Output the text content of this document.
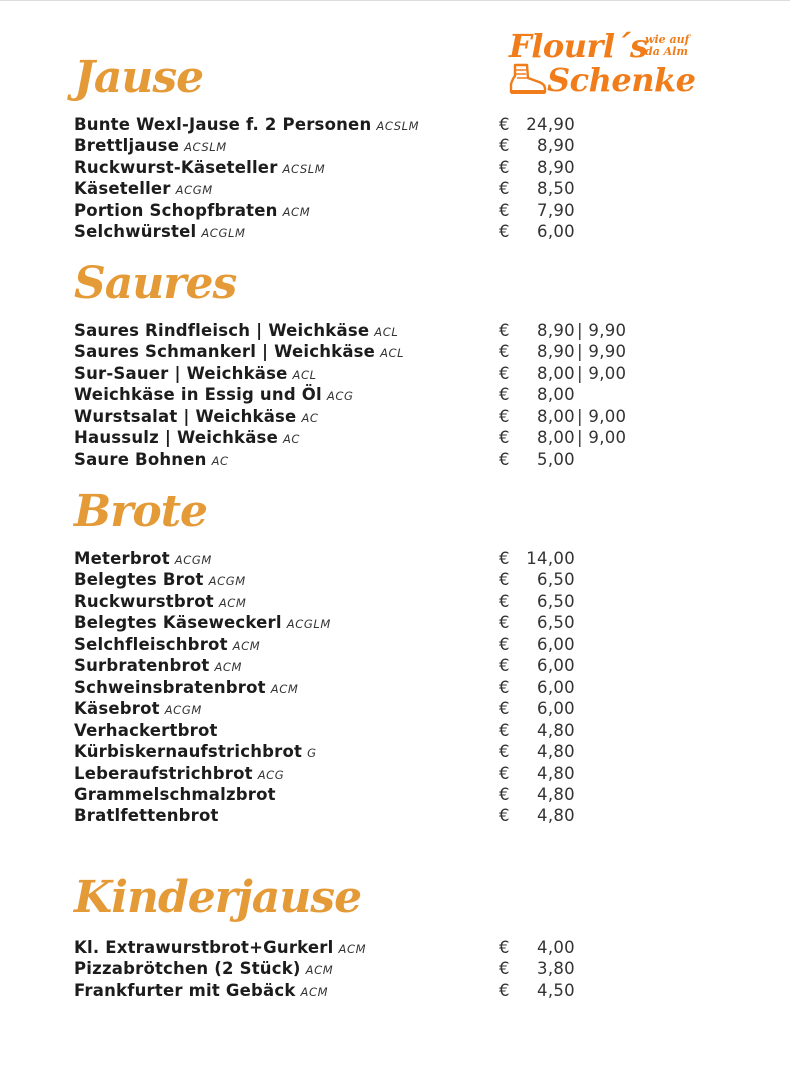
Flourl´s
wie auf
da Alm
Schenke
Jause
Bunte Wexl-Jause f. 2 Personen ACSLM	€	24,90
Brettljause ACSLM	€	8,90
Ruckwurst-Käseteller ACSLM	€	8,90
Käseteller ACGM	€	8,50
Portion Schopfbraten ACM	€	7,90
Selchwürstel ACGLM	€	6,00
Saures
Saures Rindfleisch | Weichkäse ACL	€	8,90 | 9,90
Saures Schmankerl | Weichkäse ACL	€	8,90 | 9,90
Sur-Sauer | Weichkäse ACL	€	8,00 | 9,00
Weichkäse in Essig und Öl ACG	€	8,00
Wurstsalat | Weichkäse AC	€	8,00 | 9,00
Haussulz | Weichkäse AC	€	8,00 | 9,00
Saure Bohnen AC	€	5,00
Brote
Meterbrot ACGM	€	14,00
Belegtes Brot ACGM	€	6,50
Ruckwurstbrot ACM	€	6,50
Belegtes Käseweckerl ACGLM	€	6,50
Selchfleischbrot ACM	€	6,00
Surbratenbrot ACM	€	6,00
Schweinsbratenbrot ACM	€	6,00
Käsebrot ACGM	€	6,00
Verhackertbrot	€	4,80
Kürbiskernaufstrichbrot G	€	4,80
Leberaufstrichbrot ACG	€	4,80
Grammelschmalzbrot	€	4,80
Bratlfettenbrot	€	4,80
Kinderjause
Kl. Extrawurstbrot+Gurkerl ACM	€	4,00
Pizzabrötchen (2 Stück) ACM	€	3,80
Frankfurter mit Gebäck ACM	€	4,50
